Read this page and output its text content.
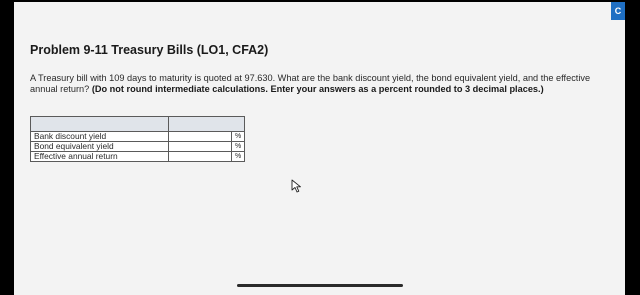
C
Problem 9-11 Treasury Bills (LO1, CFA2)
A Treasury bill with 109 days to maturity is quoted at 97.630. What are the bank discount yield, the bond equivalent yield, and the effective annual return? (Do not round intermediate calculations. Enter your answers as a percent rounded to 3 decimal places.)

Bank discount yield		%
Bond equivalent yield		%
Effective annual return		%
